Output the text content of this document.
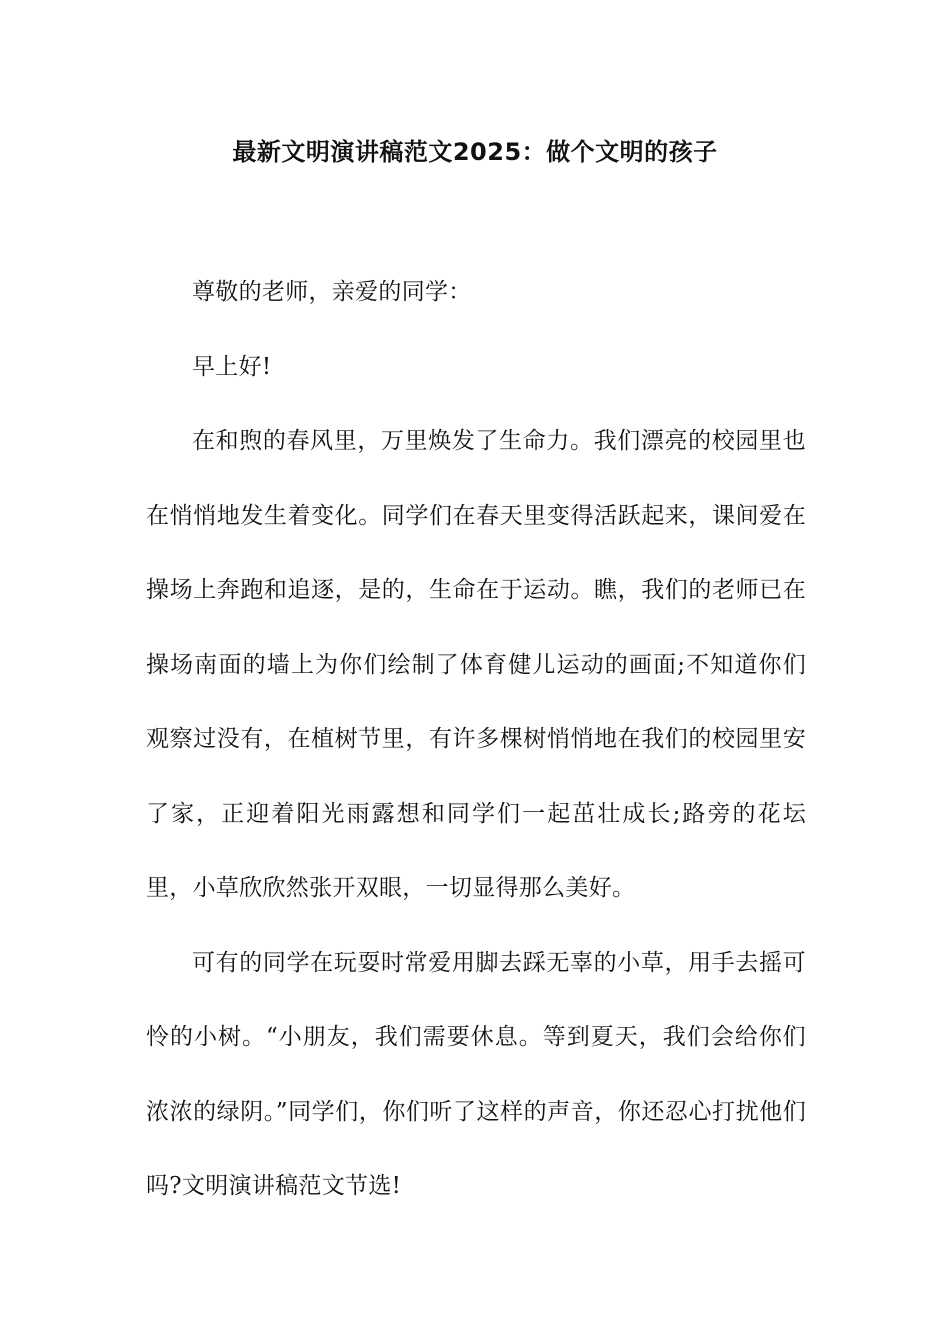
最新文明演讲稿范文2025：做个文明的孩子

尊敬的老师，亲爱的同学：

早上好!

在和煦的春风里，万里焕发了生命力。我们漂亮的校园里也在悄悄地发生着变化。同学们在春天里变得活跃起来，课间爱在操场上奔跑和追逐，是的，生命在于运动。瞧，我们的老师已在操场南面的墙上为你们绘制了体育健儿运动的画面;不知道你们观察过没有，在植树节里，有许多棵树悄悄地在我们的校园里安了家，正迎着阳光雨露想和同学们一起茁壮成长;路旁的花坛里，小草欣欣然张开双眼，一切显得那么美好。

可有的同学在玩耍时常爱用脚去踩无辜的小草，用手去摇可怜的小树。“小朋友，我们需要休息。等到夏天，我们会给你们浓浓的绿阴。”同学们，你们听了这样的声音，你还忍心打扰他们吗?文明演讲稿范文节选!
